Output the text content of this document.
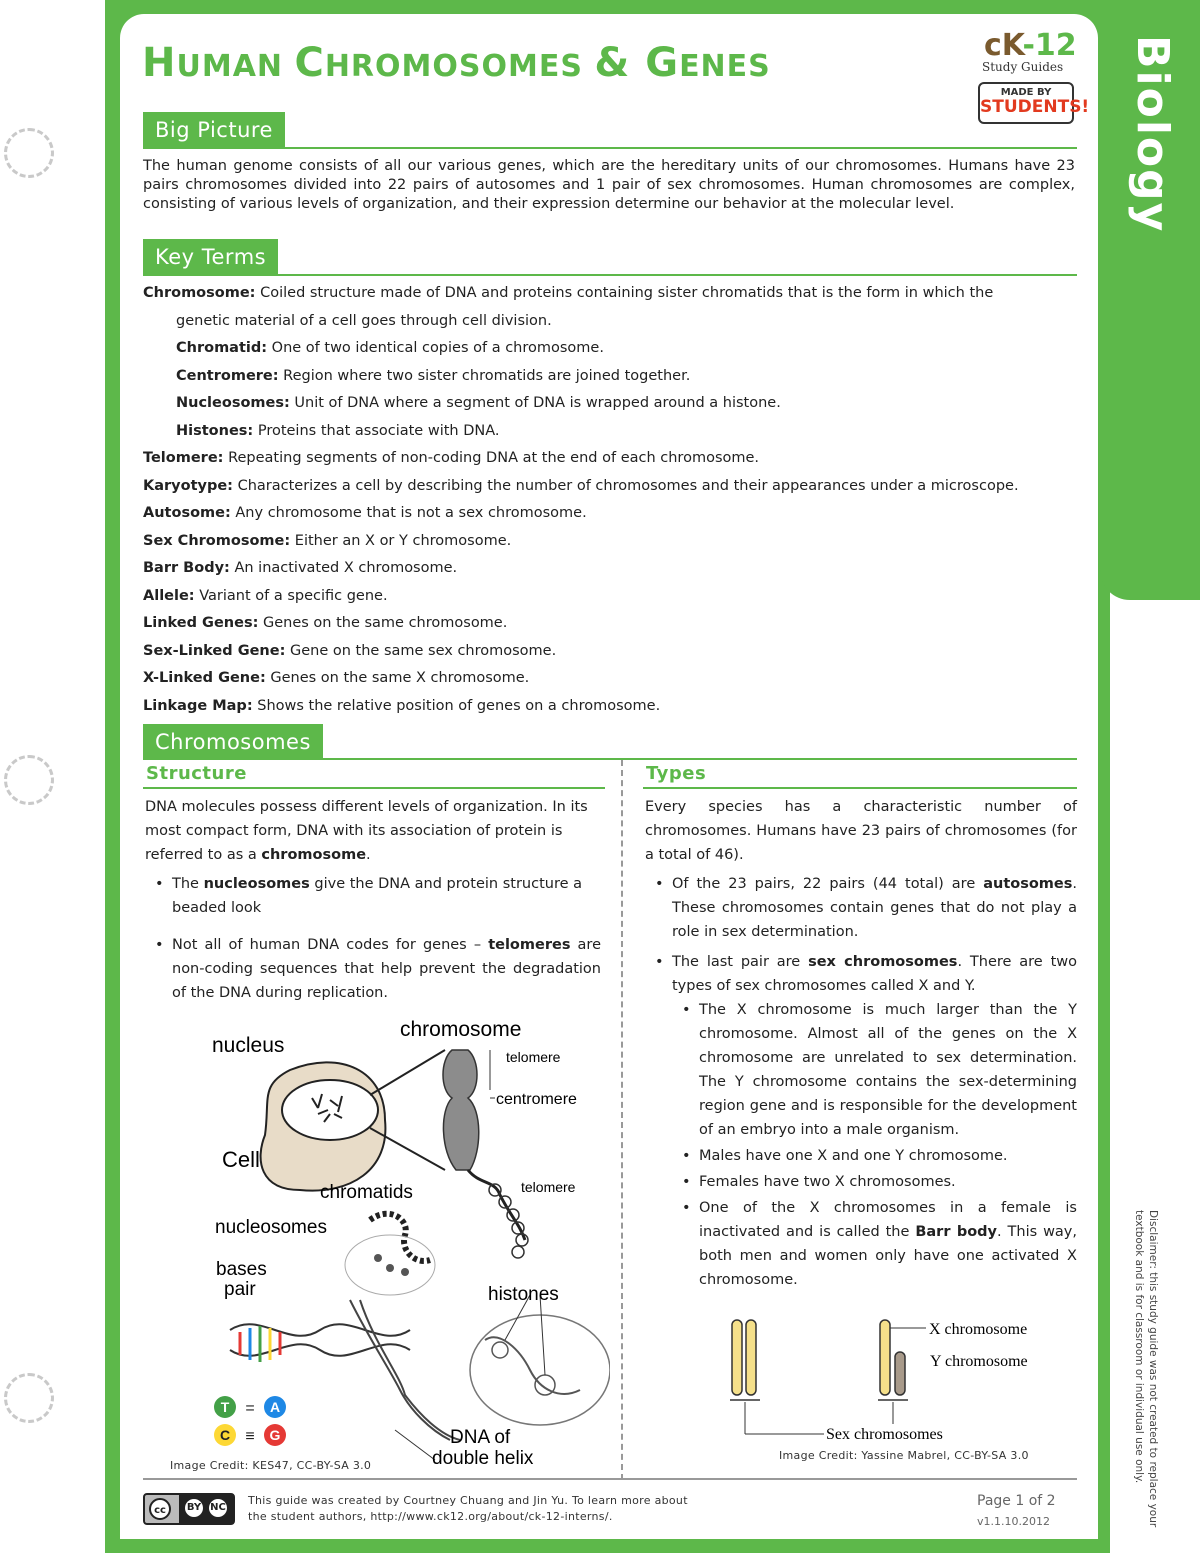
Biology
Disclaimer: this study guide was not created to replace your textbook and is for classroom or individual use only.
HUMAN CHROMOSOMES & GENES
cK-12
Study Guides
MADE BY
STUDENTS!
Big Picture
The human genome consists of all our various genes, which are the hereditary units of our chromosomes. Humans have 23 pairs chromosomes divided into 22 pairs of autosomes and 1 pair of sex chromosomes. Human chromosomes are complex, consisting of various levels of organization, and their expression determine our behavior at the molecular level.
Key Terms
Chromosome: Coiled structure made of DNA and proteins containing sister chromatids that is the form in which the
genetic material of a cell goes through cell division.
Chromatid: One of two identical copies of a chromosome.
Centromere: Region where two sister chromatids are joined together.
Nucleosomes: Unit of DNA where a segment of DNA is wrapped around a histone.
Histones: Proteins that associate with DNA.
Telomere: Repeating segments of non-coding DNA at the end of each chromosome.
Karyotype: Characterizes a cell by describing the number of chromosomes and their appearances under a microscope.
Autosome: Any chromosome that is not a sex chromosome.
Sex Chromosome: Either an X or Y chromosome.
Barr Body: An inactivated X chromosome.
Allele: Variant of a specific gene.
Linked Genes: Genes on the same chromosome.
Sex-Linked Gene: Gene on the same sex chromosome.
X-Linked Gene: Genes on the same X chromosome.
Linkage Map: Shows the relative position of genes on a chromosome.
Chromosomes
Structure	Types

DNA molecules possess different levels of organization. In its most compact form, DNA with its association of protein is referred to as a chromosome.

• The nucleosomes give the DNA and protein structure a beaded look
• Not all of human DNA codes for genes – telomeres are non-coding sequences that help prevent the degradation of the DNA during replication.
T	A
C	G
=
≡
nucleus
chromosome
telomere
centromere
Cell
chromatids	telomere
nucleosomes
bases
pair	histones
DNA of
double helix
Image Credit: KES47, CC-BY-SA 3.0

Every species has a characteristic number of chromosomes. Humans have 23 pairs of chromosomes (for a total of 46).

• Of the 23 pairs, 22 pairs (44 total) are autosomes. These chromosomes contain genes that do not play a role in sex determination.
• The last pair are sex chromosomes. There are two types of sex chromosomes called X and Y.
• The X chromosome is much larger than the Y chromosome. Almost all of the genes on the X chromosome are unrelated to sex determination. The Y chromosome contains the sex-determining region gene and is responsible for the development of an embryo into a male organism.
• Males have one X and one Y chromosome.
• Females have two X chromosomes.
• One of the X chromosomes in a female is inactivated and is called the Barr body. This way, both men and women only have one activated X chromosome.
X chromosome
Y chromosome
Sex chromosomes
Image Credit: Yassine Mabrel, CC-BY-SA 3.0
cc	BY NC
This guide was created by Courtney Chuang and Jin Yu. To learn more about
the student authors, http://www.ck12.org/about/ck-12-interns/.
Page 1 of 2
v1.1.10.2012
